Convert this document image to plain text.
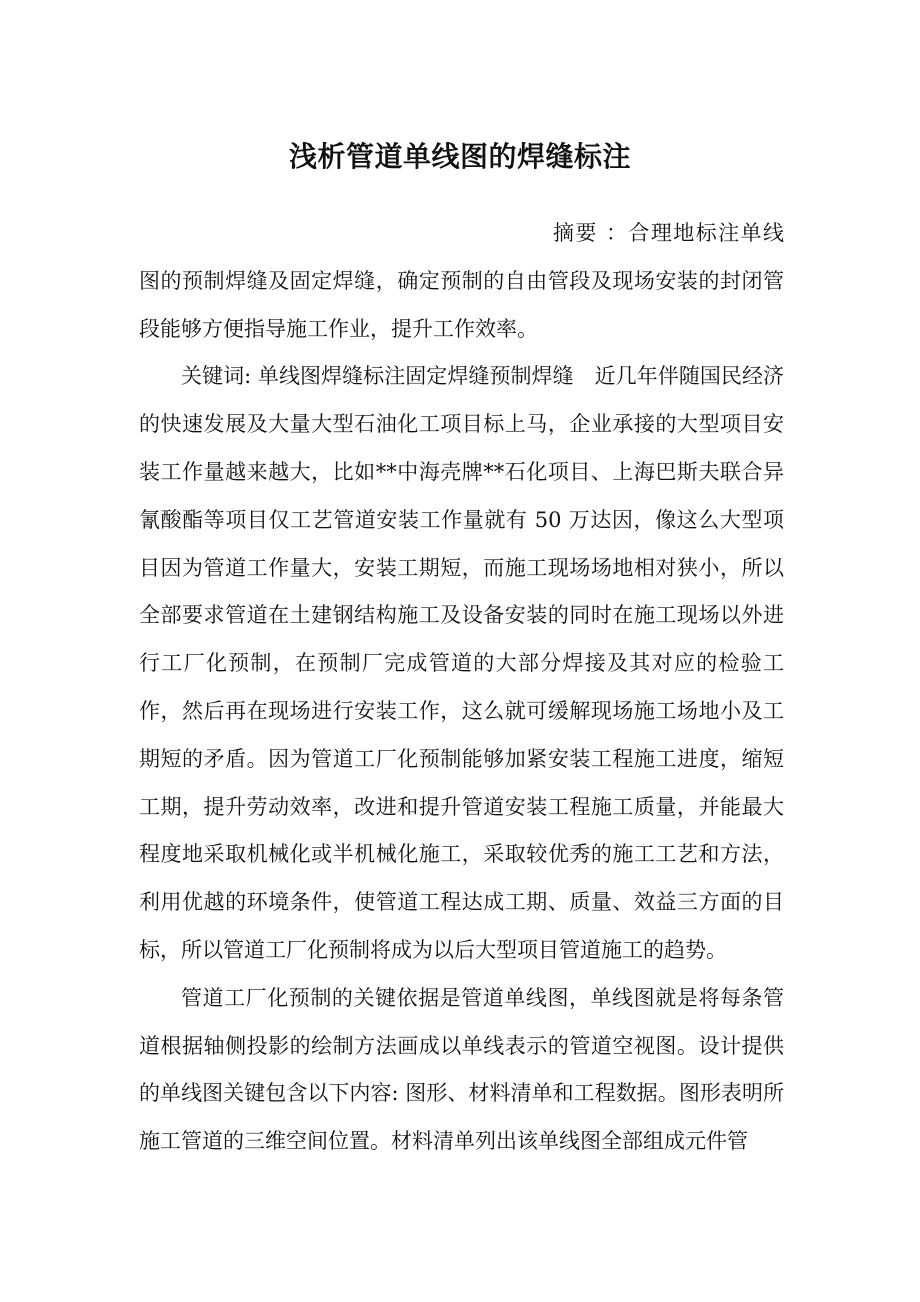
浅析管道单线图的焊缝标注

摘要 ：合理地标注单线图的预制焊缝及固定焊缝，确定预制的自由管段及现场安装的封闭管段能够方便指导施工作业，提升工作效率。

关键词: 单线图焊缝标注固定焊缝预制焊缝　近几年伴随国民经济的快速发展及大量大型石油化工项目标上马，企业承接的大型项目安装工作量越来越大，比如**中海壳牌**石化项目、上海巴斯夫联合异氰酸酯等项目仅工艺管道安装工作量就有 50 万达因，像这么大型项目因为管道工作量大，安装工期短，而施工现场场地相对狭小，所以全部要求管道在土建钢结构施工及设备安装的同时在施工现场以外进行工厂化预制，在预制厂完成管道的大部分焊接及其对应的检验工作，然后再在现场进行安装工作，这么就可缓解现场施工场地小及工期短的矛盾。因为管道工厂化预制能够加紧安装工程施工进度，缩短工期，提升劳动效率，改进和提升管道安装工程施工质量，并能最大程度地采取机械化或半机械化施工，采取较优秀的施工工艺和方法，利用优越的环境条件，使管道工程达成工期、质量、效益三方面的目标，所以管道工厂化预制将成为以后大型项目管道施工的趋势。

管道工厂化预制的关键依据是管道单线图，单线图就是将每条管道根据轴侧投影的绘制方法画成以单线表示的管道空视图。设计提供的单线图关键包含以下内容: 图形、材料清单和工程数据。图形表明所施工管道的三维空间位置。材料清单列出该单线图全部组成元件管
